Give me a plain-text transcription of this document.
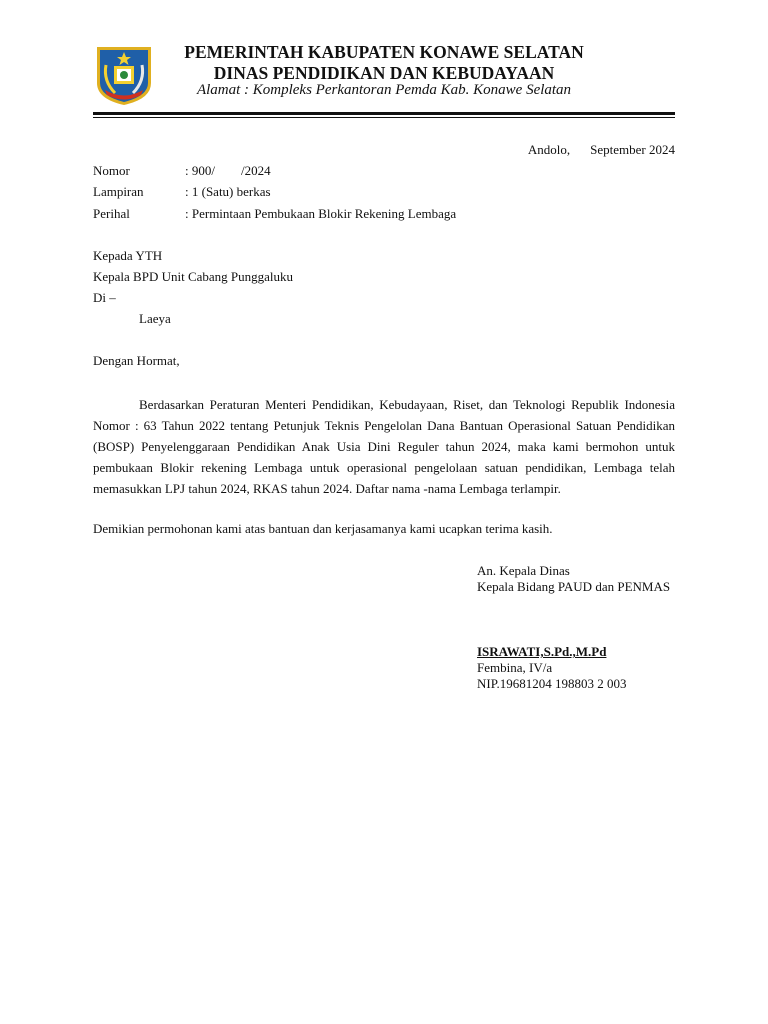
PEMERINTAH KABUPATEN KONAWE SELATAN
DINAS PENDIDIKAN DAN KEBUDAYAAN
Alamat : Kompleks Perkantoran Pemda Kab. Konawe Selatan
Andolo, September 2024
Nomor	: 900/        /2024
Lampiran	: 1 (Satu) berkas
Perihal	: Permintaan Pembukaan Blokir Rekening Lembaga
Kepada YTH
Kepala BPD Unit Cabang Punggaluku
Di –
Laeya
Dengan Hormat,
Berdasarkan Peraturan Menteri Pendidikan, Kebudayaan, Riset, dan Teknologi Republik Indonesia Nomor : 63 Tahun 2022 tentang Petunjuk Teknis Pengelolan Dana Bantuan Operasional Satuan Pendidikan (BOSP) Penyelenggaraan Pendidikan Anak Usia Dini Reguler tahun 2024, maka kami bermohon untuk pembukaan Blokir rekening Lembaga untuk operasional pengelolaan satuan pendidikan, Lembaga telah memasukkan LPJ tahun 2024, RKAS tahun 2024. Daftar nama -nama Lembaga terlampir.
Demikian permohonan kami atas bantuan dan kerjasamanya kami ucapkan terima kasih.
An. Kepala Dinas
Kepala Bidang PAUD dan PENMAS
ISRAWATI,S.Pd.,M.Pd
Fembina, IV/a
NIP.19681204 198803 2 003
